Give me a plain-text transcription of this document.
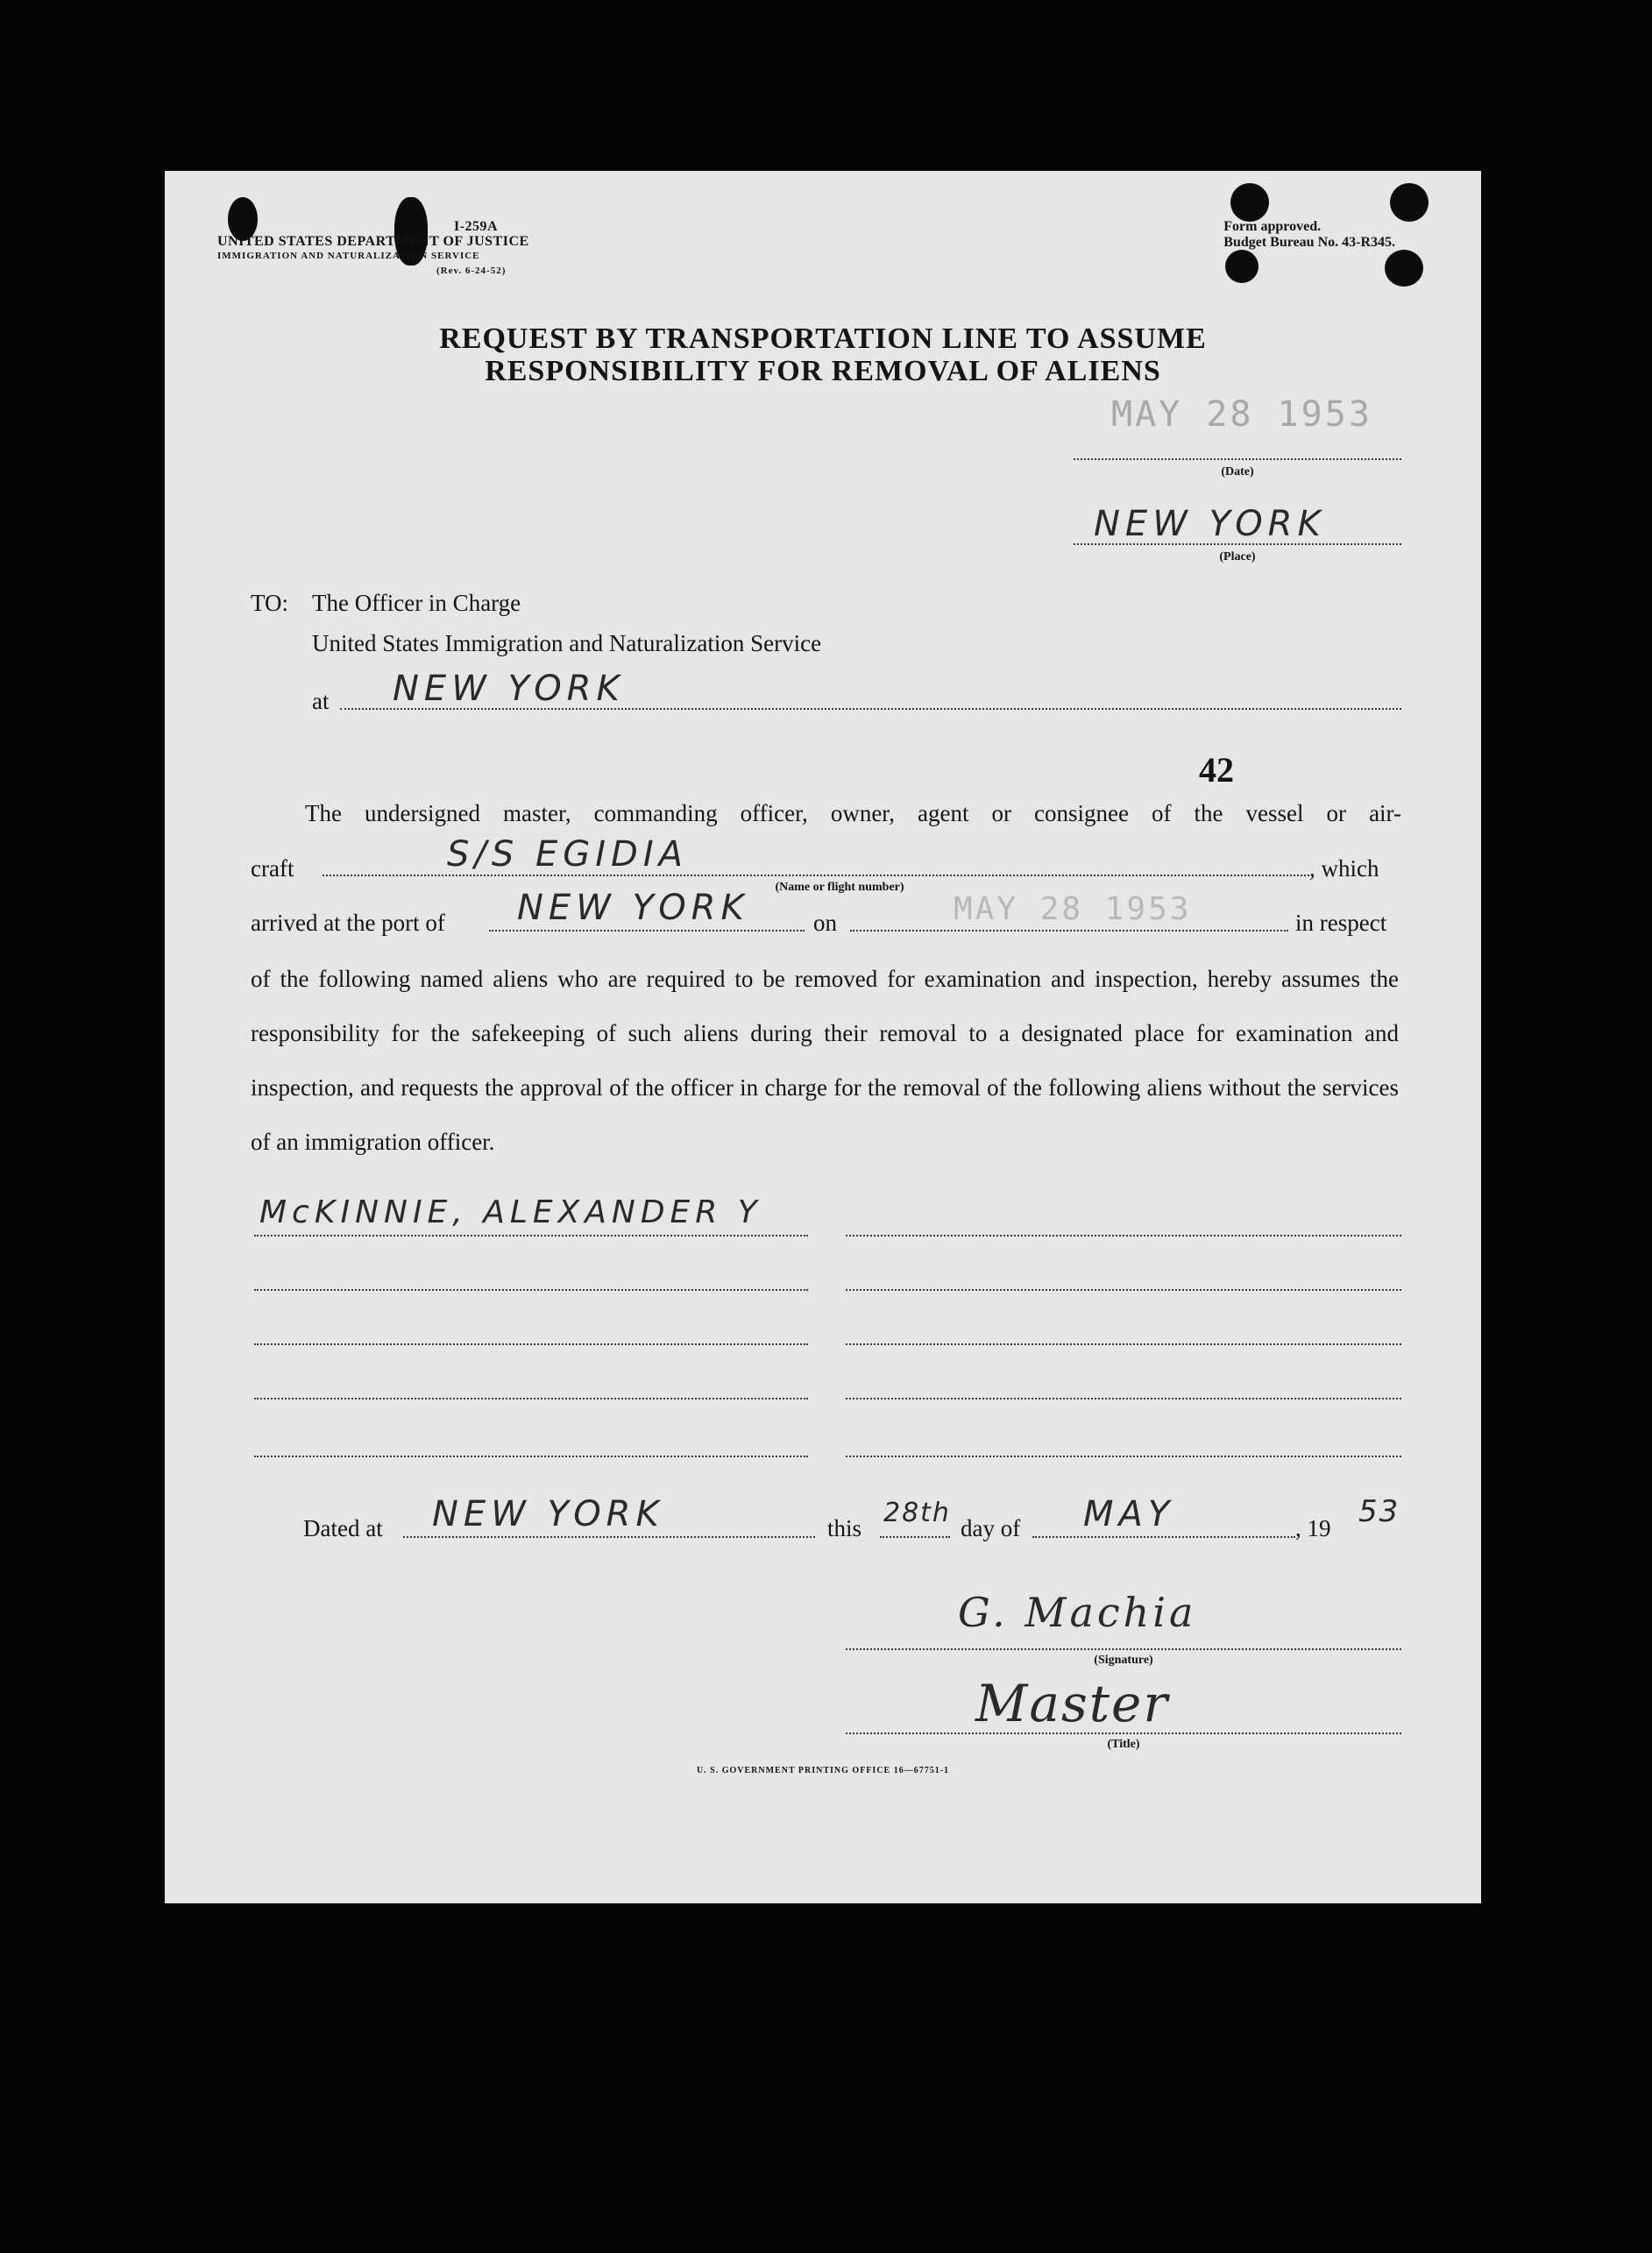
I-259A
UNITED STATES DEPARTMENT OF JUSTICE
IMMIGRATION AND NATURALIZATION SERVICE
(Rev. 6-24-52)
Form approved.
Budget Bureau No. 43-R345.
REQUEST BY TRANSPORTATION LINE TO ASSUME
RESPONSIBILITY FOR REMOVAL OF ALIENS
MAY 28 1953
(Date)
NEW YORK
(Place)
TO: The Officer in Charge
United States Immigration and Naturalization Service
at NEW YORK
42
The undersigned master, commanding officer, owner, agent or consignee of the vessel or air-
craft	S/S EGIDIA	, which
(Name or flight number)
arrived at the port of NEW YORK	on	MAY 28 1953	in respect
of the following named aliens who are required to be removed for examination and inspection, hereby assumes the responsibility for the safekeeping of such aliens during their removal to a designated place for examination and inspection, and requests the approval of the officer in charge for the removal of the following aliens without the services of an immigration officer.
McKINNIE, ALEXANDER Y
Dated at NEW YORK	this 28th day of MAY	, 19 53
G. Machia
(Signature)
Master
(Title)
U. S. GOVERNMENT PRINTING OFFICE 16—67751-1
